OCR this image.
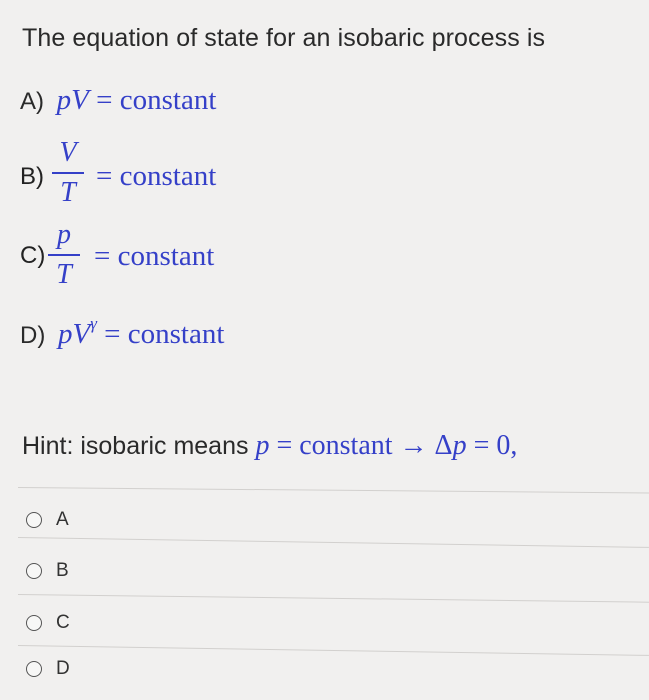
The equation of state for an isobaric process is
A) pV = constant
B)
V
T
= constant
C)
p
T
= constant
D) $pV^\gamma$ = constant
Hint: isobaric means p = constant → Δp = 0,
A
B
C
D
